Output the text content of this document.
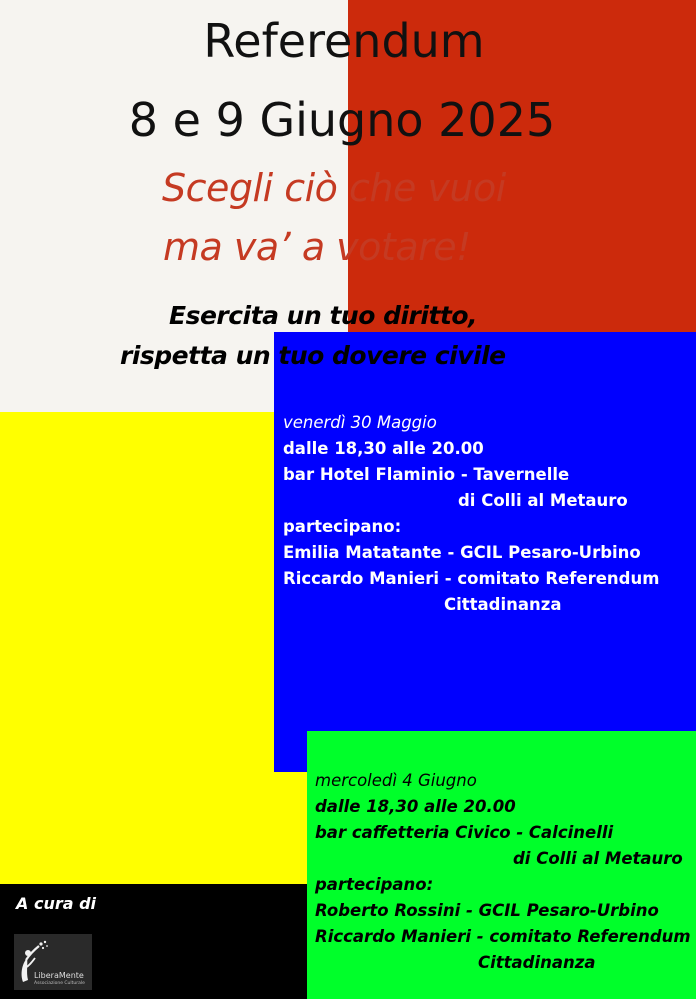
Referendum
8 e 9 Giugno 2025
Scegli ciò che vuoi
ma va’ a votare!
Esercita un tuo diritto,
rispetta un tuo dovere civile
venerdì 30 Maggio
dalle 18,30 alle 20.00
bar Hotel Flaminio - Tavernelle
di Colli al Metauro
partecipano:
Emilia Matatante - GCIL Pesaro-Urbino
Riccardo Manieri - comitato Referendum
Cittadinanza
mercoledì 4 Giugno
dalle 18,30 alle 20.00
bar caffetteria Civico - Calcinelli
di Colli al Metauro
partecipano:
Roberto Rossini - GCIL Pesaro-Urbino
Riccardo Manieri - comitato Referendum
Cittadinanza
A cura di
LiberaMente
Associazione Culturale
